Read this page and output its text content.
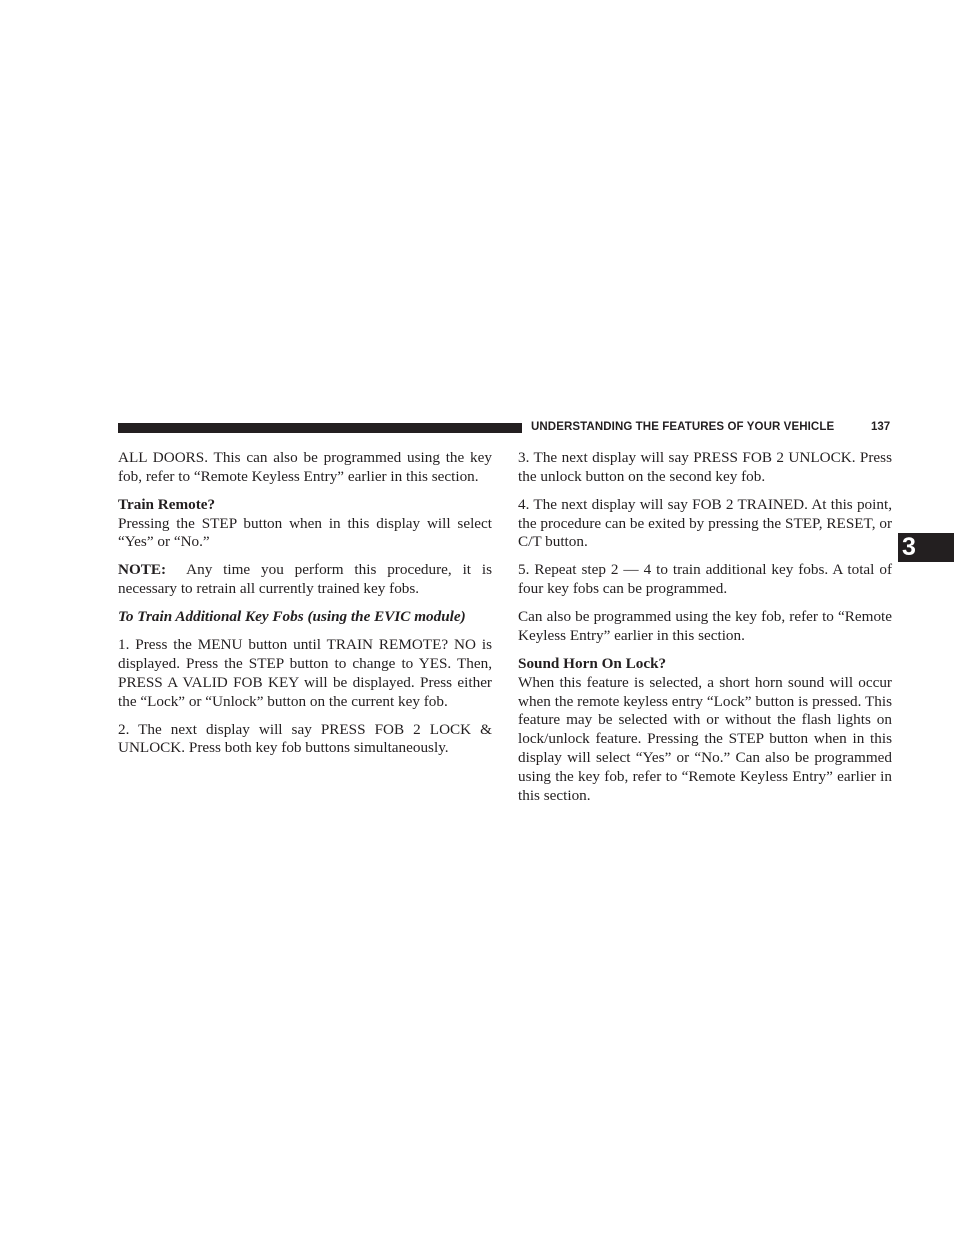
UNDERSTANDING THE FEATURES OF YOUR VEHICLE	137
3

ALL DOORS. This can also be programmed using the key fob, refer to “Remote Keyless Entry” earlier in this section.

Train Remote?

Pressing the STEP button when in this display will select “Yes” or “No.”

NOTE: Any time you perform this procedure, it is necessary to retrain all currently trained key fobs.

To Train Additional Key Fobs (using the EVIC module)

1. Press the MENU button until TRAIN REMOTE? NO is displayed. Press the STEP button to change to YES. Then, PRESS A VALID FOB KEY will be displayed. Press either the “Lock” or “Unlock” button on the current key fob.

2. The next display will say PRESS FOB 2 LOCK & UNLOCK. Press both key fob buttons simultaneously.

3. The next display will say PRESS FOB 2 UNLOCK. Press the unlock button on the second key fob.

4. The next display will say FOB 2 TRAINED. At this point, the procedure can be exited by pressing the STEP, RESET, or C/T button.

5. Repeat step 2 — 4 to train additional key fobs. A total of four key fobs can be programmed.

Can also be programmed using the key fob, refer to “Remote Keyless Entry” earlier in this section.

Sound Horn On Lock?

When this feature is selected, a short horn sound will occur when the remote keyless entry “Lock” button is pressed. This feature may be selected with or without the flash lights on lock/unlock feature. Pressing the STEP button when in this display will select “Yes” or “No.” Can also be programmed using the key fob, refer to “Remote Keyless Entry” earlier in this section.
